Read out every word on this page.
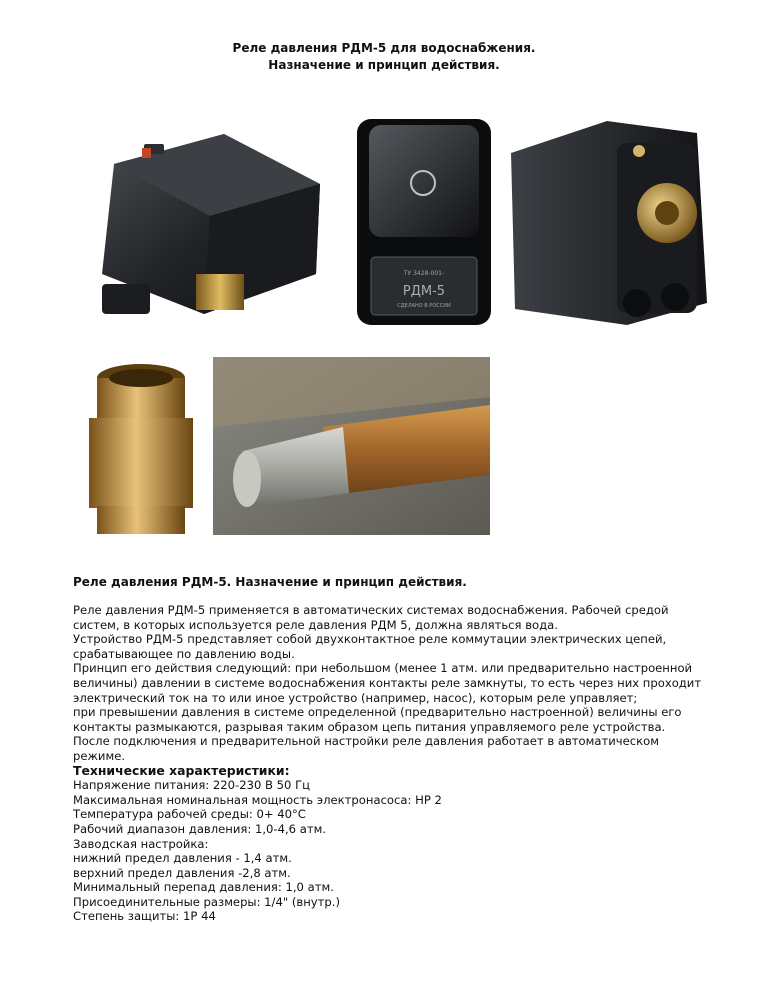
Реле давления РДМ-5 для водоснабжения.
Назначение и принцип действия.
ТУ 3428-001-
РДМ-5
СДЕЛАНО В РОССИИ
Реле давления РДМ-5. Назначение и принцип действия.

Реле давления РДМ-5 применяется в автоматических системах водоснабжения. Рабочей средой систем, в которых используется реле давления РДМ 5, должна являться вода.

Устройство РДМ-5 представляет собой двухконтактное реле коммутации электрических цепей, срабатывающее по давлению воды.

Принцип его действия следующий: при небольшом (менее 1 атм. или предварительно настроенной величины) давлении в системе водоснабжения контакты реле замкнуты, то есть через них проходит электрический ток на то или иное устройство (например, насос), которым реле управляет;

при превышении давления в системе определенной (предварительно настроенной) величины его контакты размыкаются, разрывая таким образом цепь питания управляемого реле устройства.

После подключения и предварительной настройки реле давления работает в автоматическом режиме.

Технические характеристики:

Напряжение питания: 220-230 В 50 Гц

Максимальная номинальная мощность электронасоса: HP 2

Температура рабочей среды: 0+ 40°С

Рабочий диапазон давления: 1,0-4,6 атм.

Заводская настройка:

нижний предел давления - 1,4 атм.

верхний предел давления -2,8 атм.

Минимальный перепад давления: 1,0 атм.

Присоединительные размеры: 1/4" (внутр.)

Степень защиты: 1Р 44
